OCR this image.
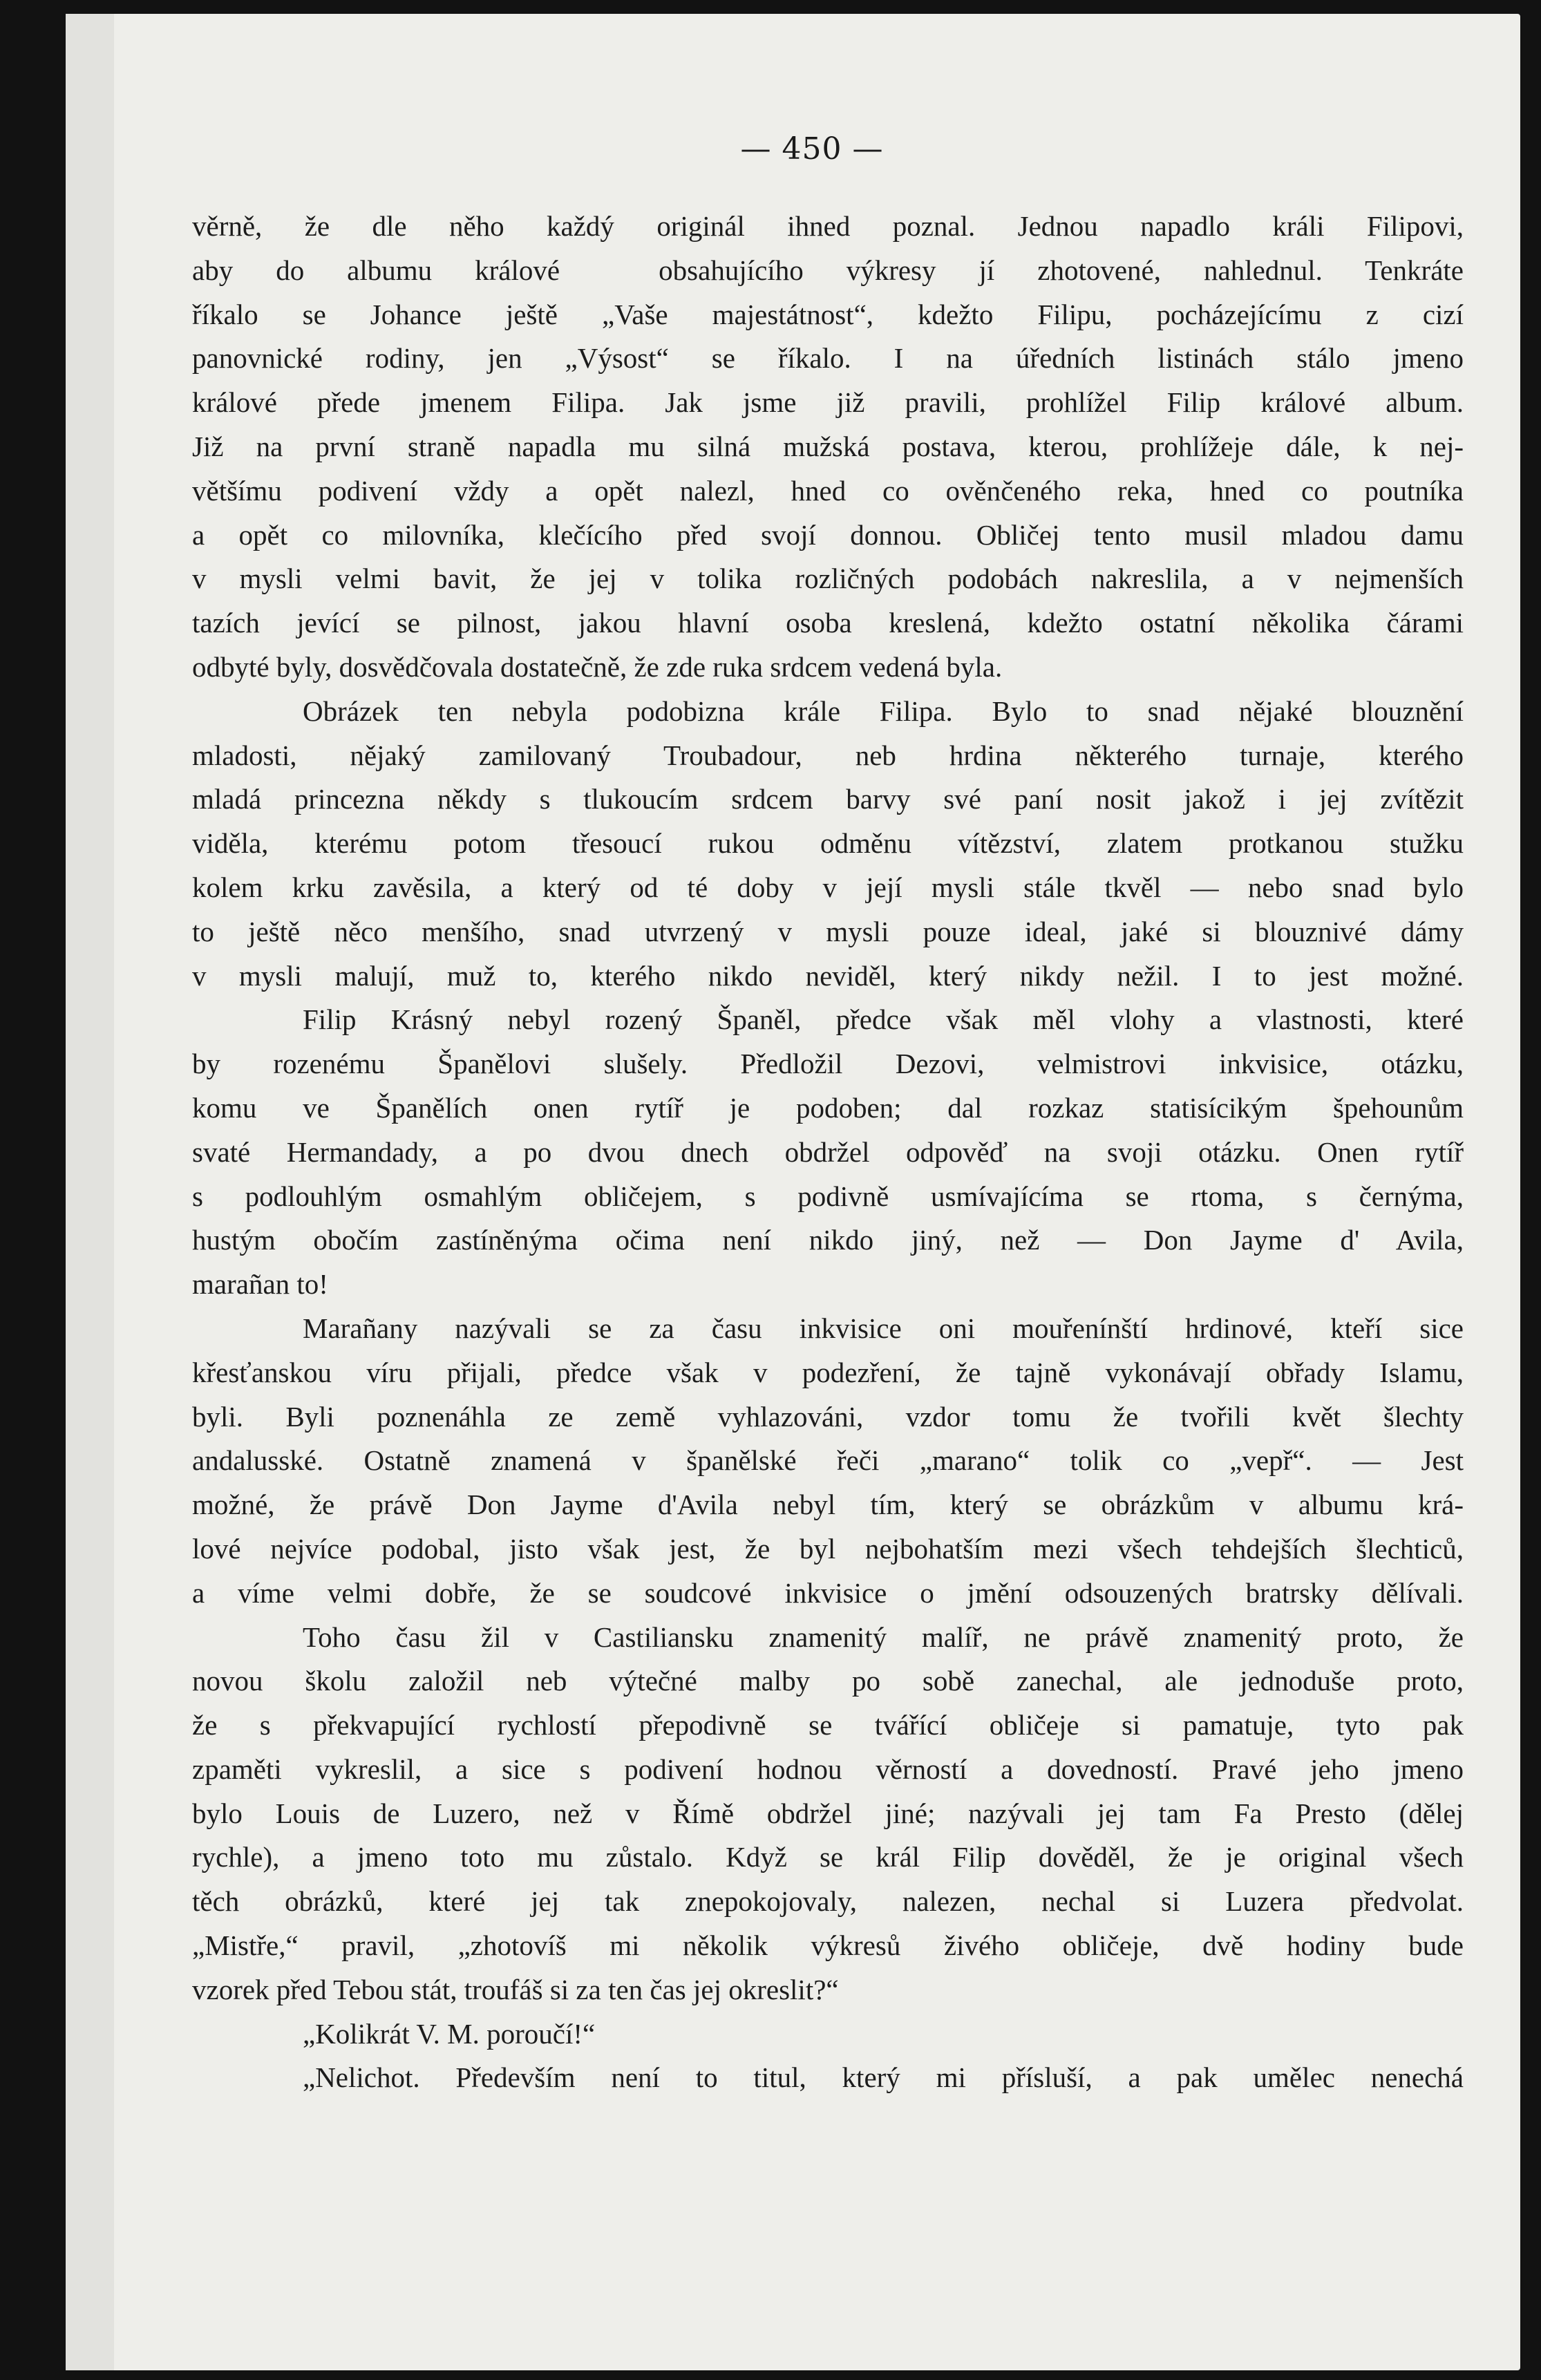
— 450 —
věrně, že dle něho každý originál ihned poznal. Jednou napadlo králi Filipovi,
aby do albumu královéﾠobsahujícího výkresy jí zhotovené, nahlednul. Tenkráte
říkalo se Johance ještě „Vaše majestátnost“, kdežto Filipu, pocházejícímu z cizí
panovnické rodiny, jen „Výsost“ se říkalo. I na úředních listinách stálo jmeno
králové přede jmenem Filipa. Jak jsme již pravili, prohlížel Filip králové album.
Již na první straně napadla mu silná mužská postava, kterou, prohlížeje dále, k nej-
většímu podivení vždy a opět nalezl, hned co ověnčeného reka, hned co poutníka
a opět co milovníka, klečícího před svojí donnou. Obličej tento musil mladou damu
v mysli velmi bavit, že jej v tolika rozličných podobách nakreslila, a v nejmenších
tazích jevící se pilnost, jakou hlavní osoba kreslená, kdežto ostatní několika čárami
odbyté byly, dosvědčovala dostatečně, že zde ruka srdcem vedená byla.
Obrázek ten nebyla podobizna krále Filipa. Bylo to snad nějaké blouznění
mladosti, nějaký zamilovaný Troubadour, neb hrdina některého turnaje, kterého
mladá princezna někdy s tlukoucím srdcem barvy své paní nosit jakož i jej zvítězit
viděla, kterému potom třesoucí rukou odměnu vítězství, zlatem protkanou stužku
kolem krku zavěsila, a který od té doby v její mysli stále tkvěl — nebo snad bylo
to ještě něco menšího, snad utvrzený v mysli pouze ideal, jaké si blouznivé dámy
v mysli malují, muž to, kterého nikdo neviděl, který nikdy nežil. I to jest možné.
Filip Krásný nebyl rozený Španěl, předce však měl vlohy a vlastnosti, které
by rozenému Španělovi slušely. Předložil Dezovi, velmistrovi inkvisice, otázku,
komu ve Španělích onen rytíř je podoben; dal rozkaz statisícikým špehounům
svaté Hermandady, a po dvou dnech obdržel odpověď na svoji otázku. Onen rytíř
s podlouhlým osmahlým obličejem, s podivně usmívajícíma se rtoma, s černýma,
hustým obočím zastíněnýma očima není nikdo jiný, než — Don Jayme d' Avila,
marañan to!
Marañany nazývali se za času inkvisice oni mouřenínští hrdinové, kteří sice
křesťanskou víru přijali, předce však v podezření, že tajně vykonávají obřady Islamu,
byli. Byli poznenáhla ze země vyhlazováni, vzdor tomu že tvořili květ šlechty
andalusské. Ostatně znamená v španělské řeči „marano“ tolik co „vepř“. — Jest
možné, že právě Don Jayme d'Avila nebyl tím, který se obrázkům v albumu krá-
lové nejvíce podobal, jisto však jest, že byl nejbohatším mezi všech tehdejších šlechticů,
a víme velmi dobře, že se soudcové inkvisice o jmění odsouzených bratrsky dělívali.
Toho času žil v Castiliansku znamenitý malíř, ne právě znamenitý proto, že
novou školu založil neb výtečné malby po sobě zanechal, ale jednoduše proto,
že s překvapující rychlostí přepodivně se tvářící obličeje si pamatuje, tyto pak
zpaměti vykreslil, a sice s podivení hodnou věrností a dovedností. Pravé jeho jmeno
bylo Louis de Luzero, než v Římě obdržel jiné; nazývali jej tam Fa Presto (dělej
rychle), a jmeno toto mu zůstalo. Když se král Filip dověděl, že je original všech
těch obrázků, které jej tak znepokojovaly, nalezen, nechal si Luzera předvolat.
„Mistře,“ pravil, „zhotovíš mi několik výkresů živého obličeje, dvě hodiny bude
vzorek před Tebou stát, troufáš si za ten čas jej okreslit?“
„Kolikrát V. M. poroučí!“
„Nelichot. Především není to titul, který mi přísluší, a pak umělec nenechá
